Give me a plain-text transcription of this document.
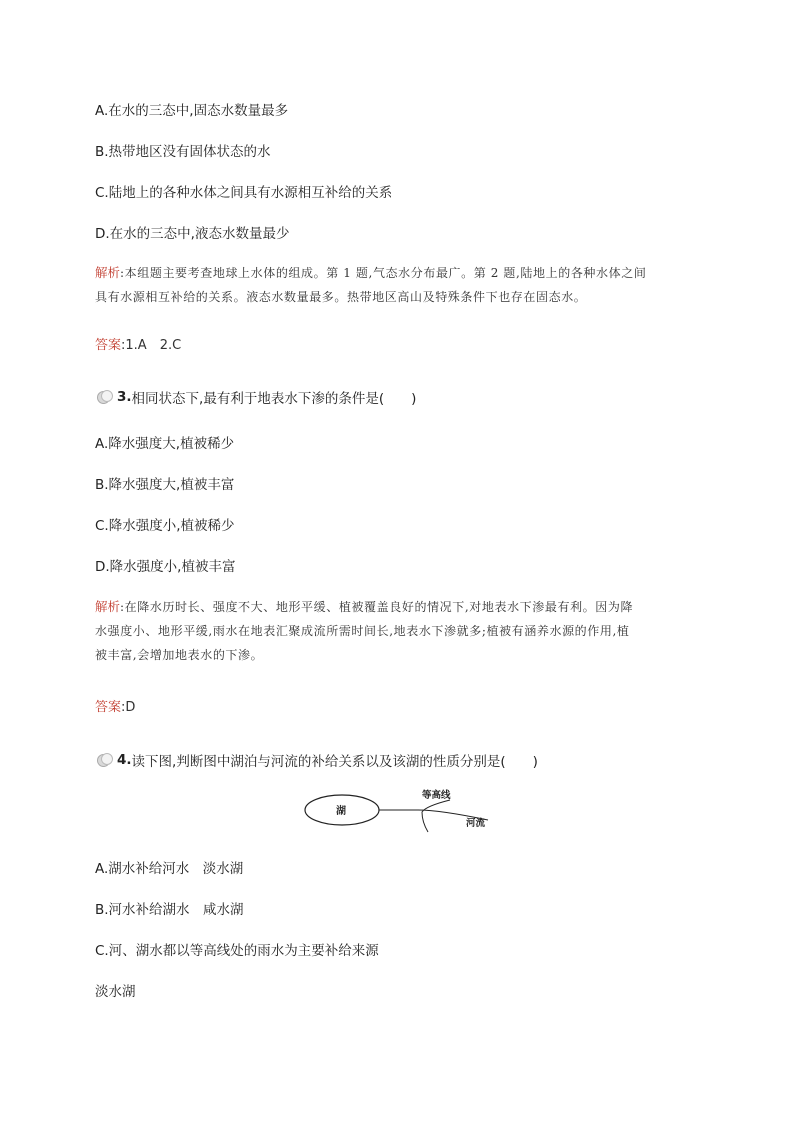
A.在水的三态中,固态水数量最多
B.热带地区没有固体状态的水
C.陆地上的各种水体之间具有水源相互补给的关系
D.在水的三态中,液态水数量最少
解析:本组题主要考查地球上水体的组成。第 1 题,气态水分布最广。第 2 题,陆地上的各种水体之间
具有水源相互补给的关系。液态水数量最多。热带地区高山及特殊条件下也存在固态水。
答案:1.A　2.C
3. 相同状态下,最有利于地表水下渗的条件是(　　)
A.降水强度大,植被稀少
B.降水强度大,植被丰富
C.降水强度小,植被稀少
D.降水强度小,植被丰富
解析:在降水历时长、强度不大、地形平缓、植被覆盖良好的情况下,对地表水下渗最有利。因为降
水强度小、地形平缓,雨水在地表汇聚成流所需时间长,地表水下渗就多;植被有涵养水源的作用,植
被丰富,会增加地表水的下渗。
答案:D
4. 读下图,判断图中湖泊与河流的补给关系以及该湖的性质分别是(　　)
湖
等高线
河流
A.湖水补给河水　淡水湖
B.河水补给湖水　咸水湖
C.河、湖水都以等高线处的雨水为主要补给来源
淡水湖
